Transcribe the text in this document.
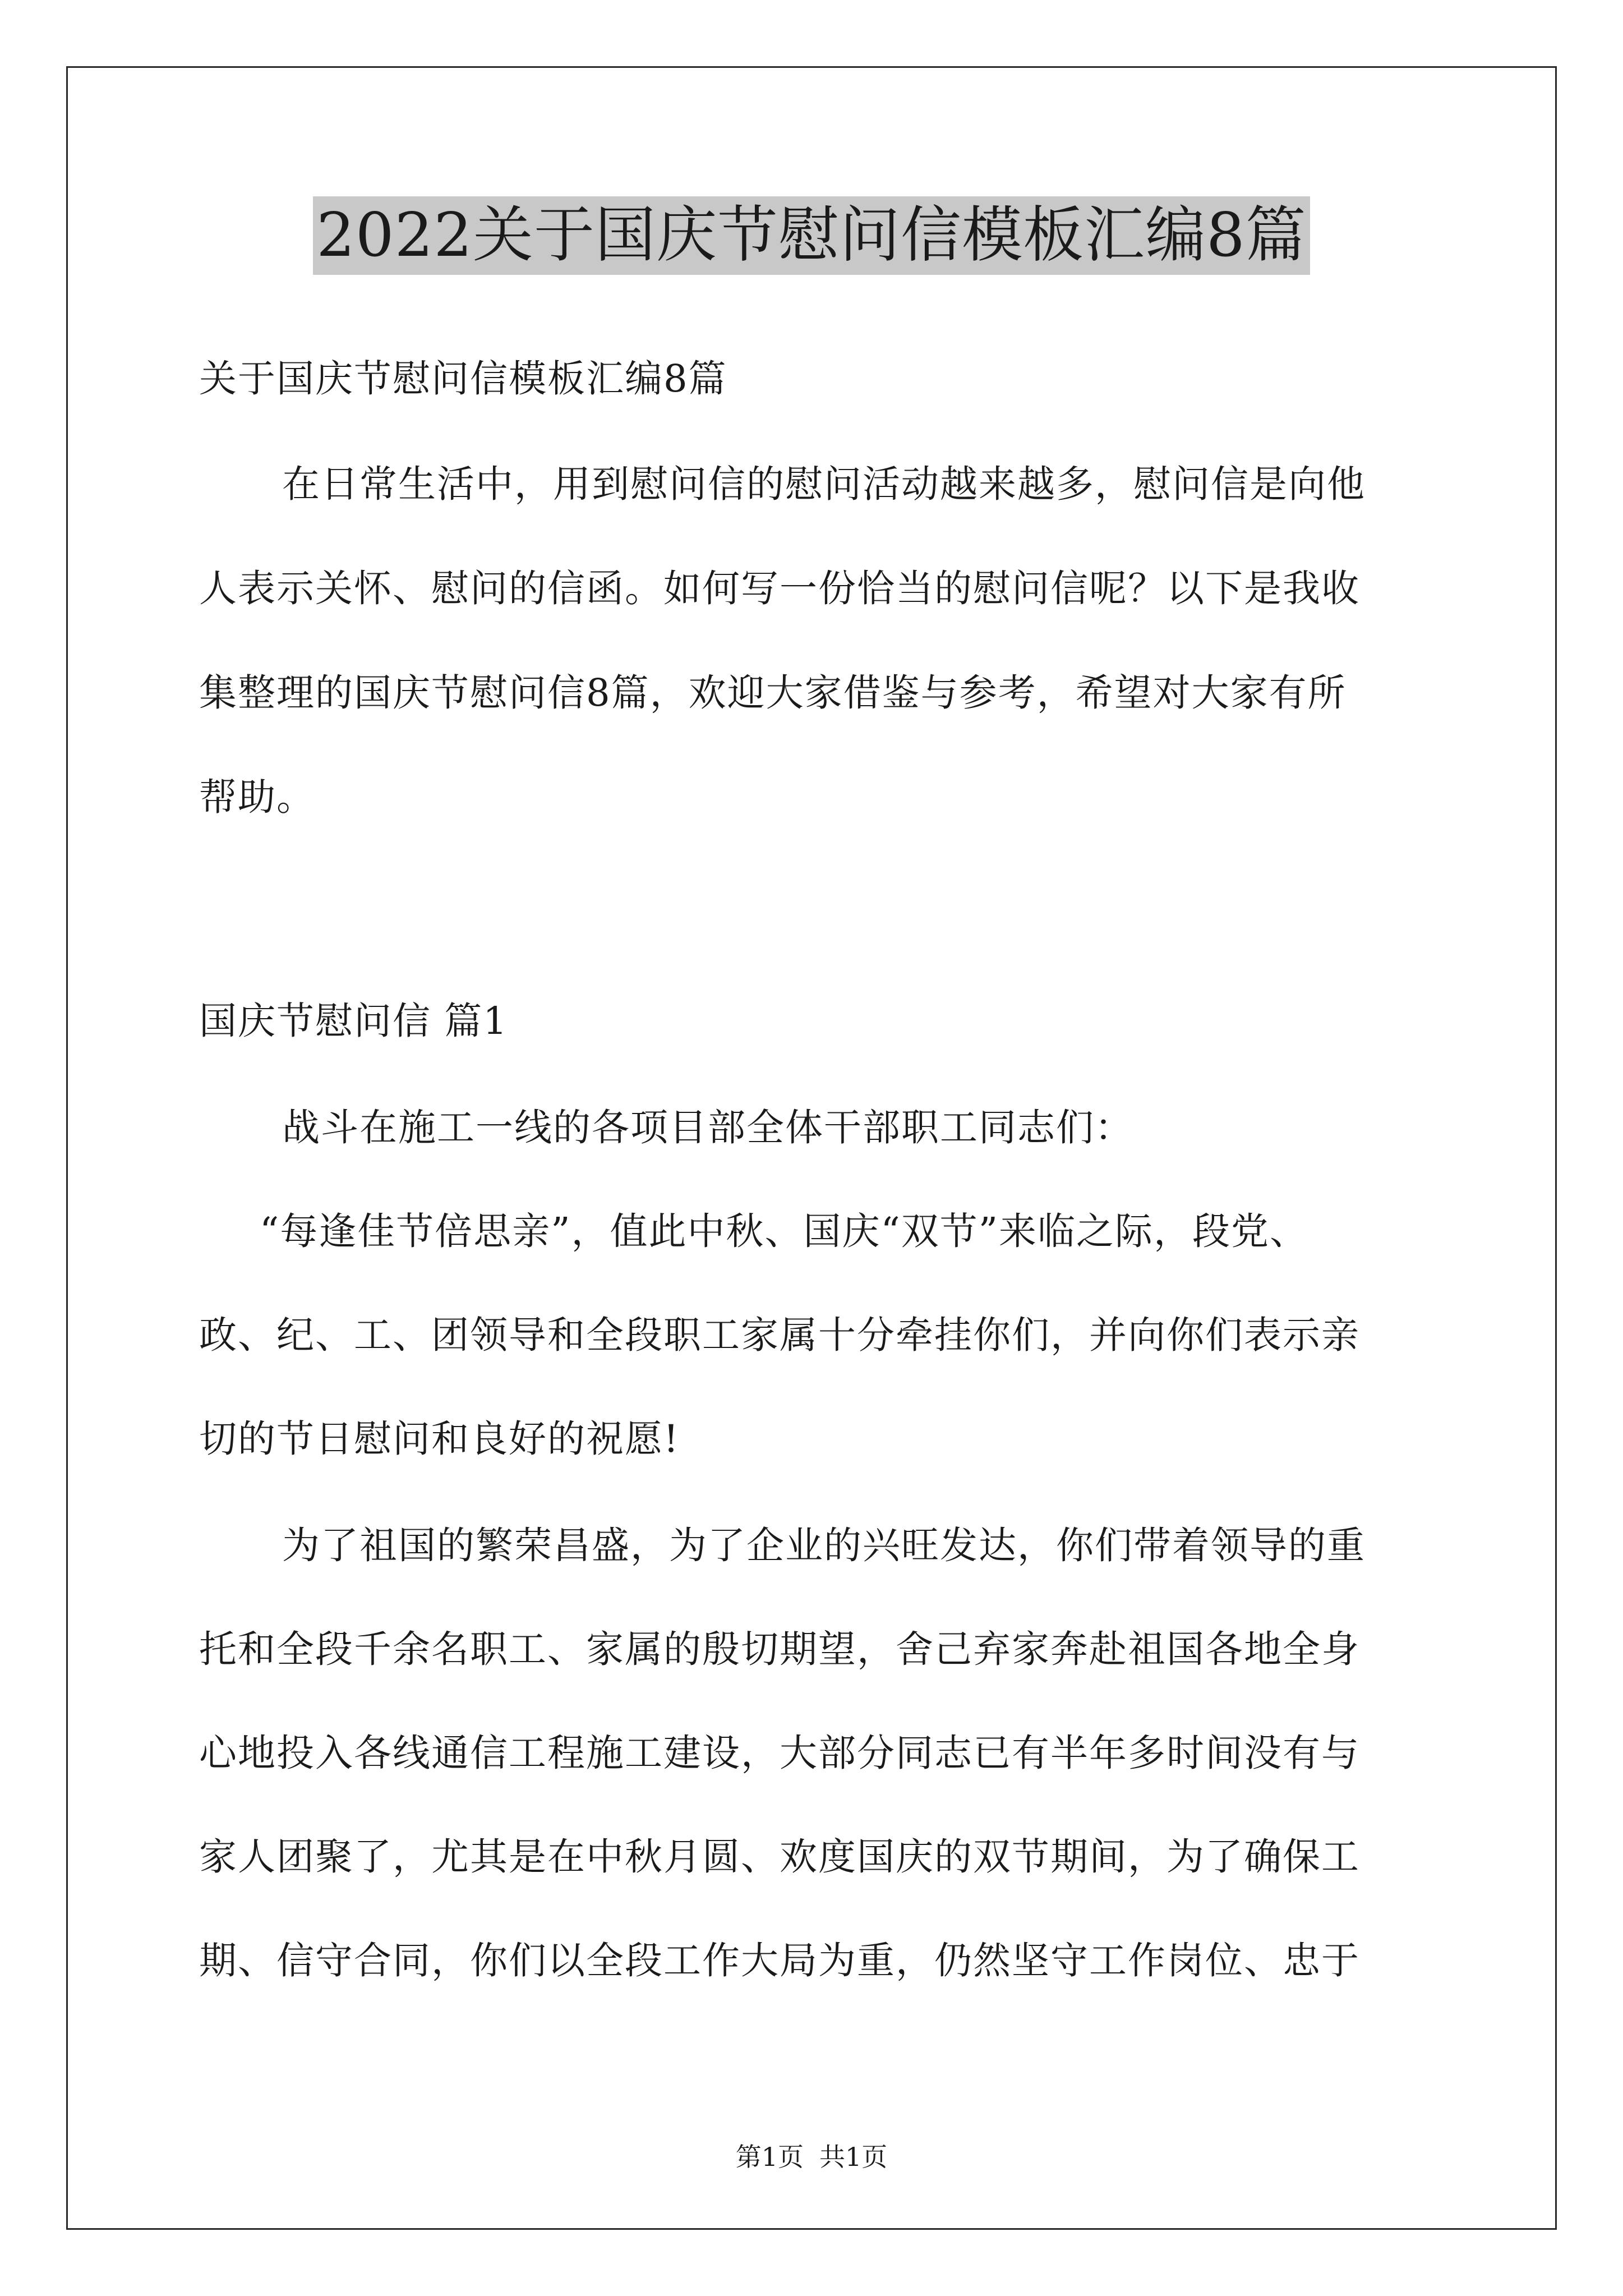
2022关于国庆节慰问信模板汇编8篇
关于国庆节慰问信模板汇编8篇
在日常生活中，用到慰问信的慰问活动越来越多，慰问信是向他
人表示关怀、慰问的信函。如何写一份恰当的慰问信呢？以下是我收
集整理的国庆节慰问信8篇，欢迎大家借鉴与参考，希望对大家有所
帮助。
国庆节慰问信 篇1
战斗在施工一线的各项目部全体干部职工同志们：
“每逢佳节倍思亲”，值此中秋、国庆“双节”来临之际，段党、
政、纪、工、团领导和全段职工家属十分牵挂你们，并向你们表示亲
切的节日慰问和良好的祝愿!
为了祖国的繁荣昌盛，为了企业的兴旺发达，你们带着领导的重
托和全段千余名职工、家属的殷切期望，舍己弃家奔赴祖国各地全身
心地投入各线通信工程施工建设，大部分同志已有半年多时间没有与
家人团聚了，尤其是在中秋月圆、欢度国庆的双节期间，为了确保工
期、信守合同，你们以全段工作大局为重，仍然坚守工作岗位、忠于
第1页 共1页
